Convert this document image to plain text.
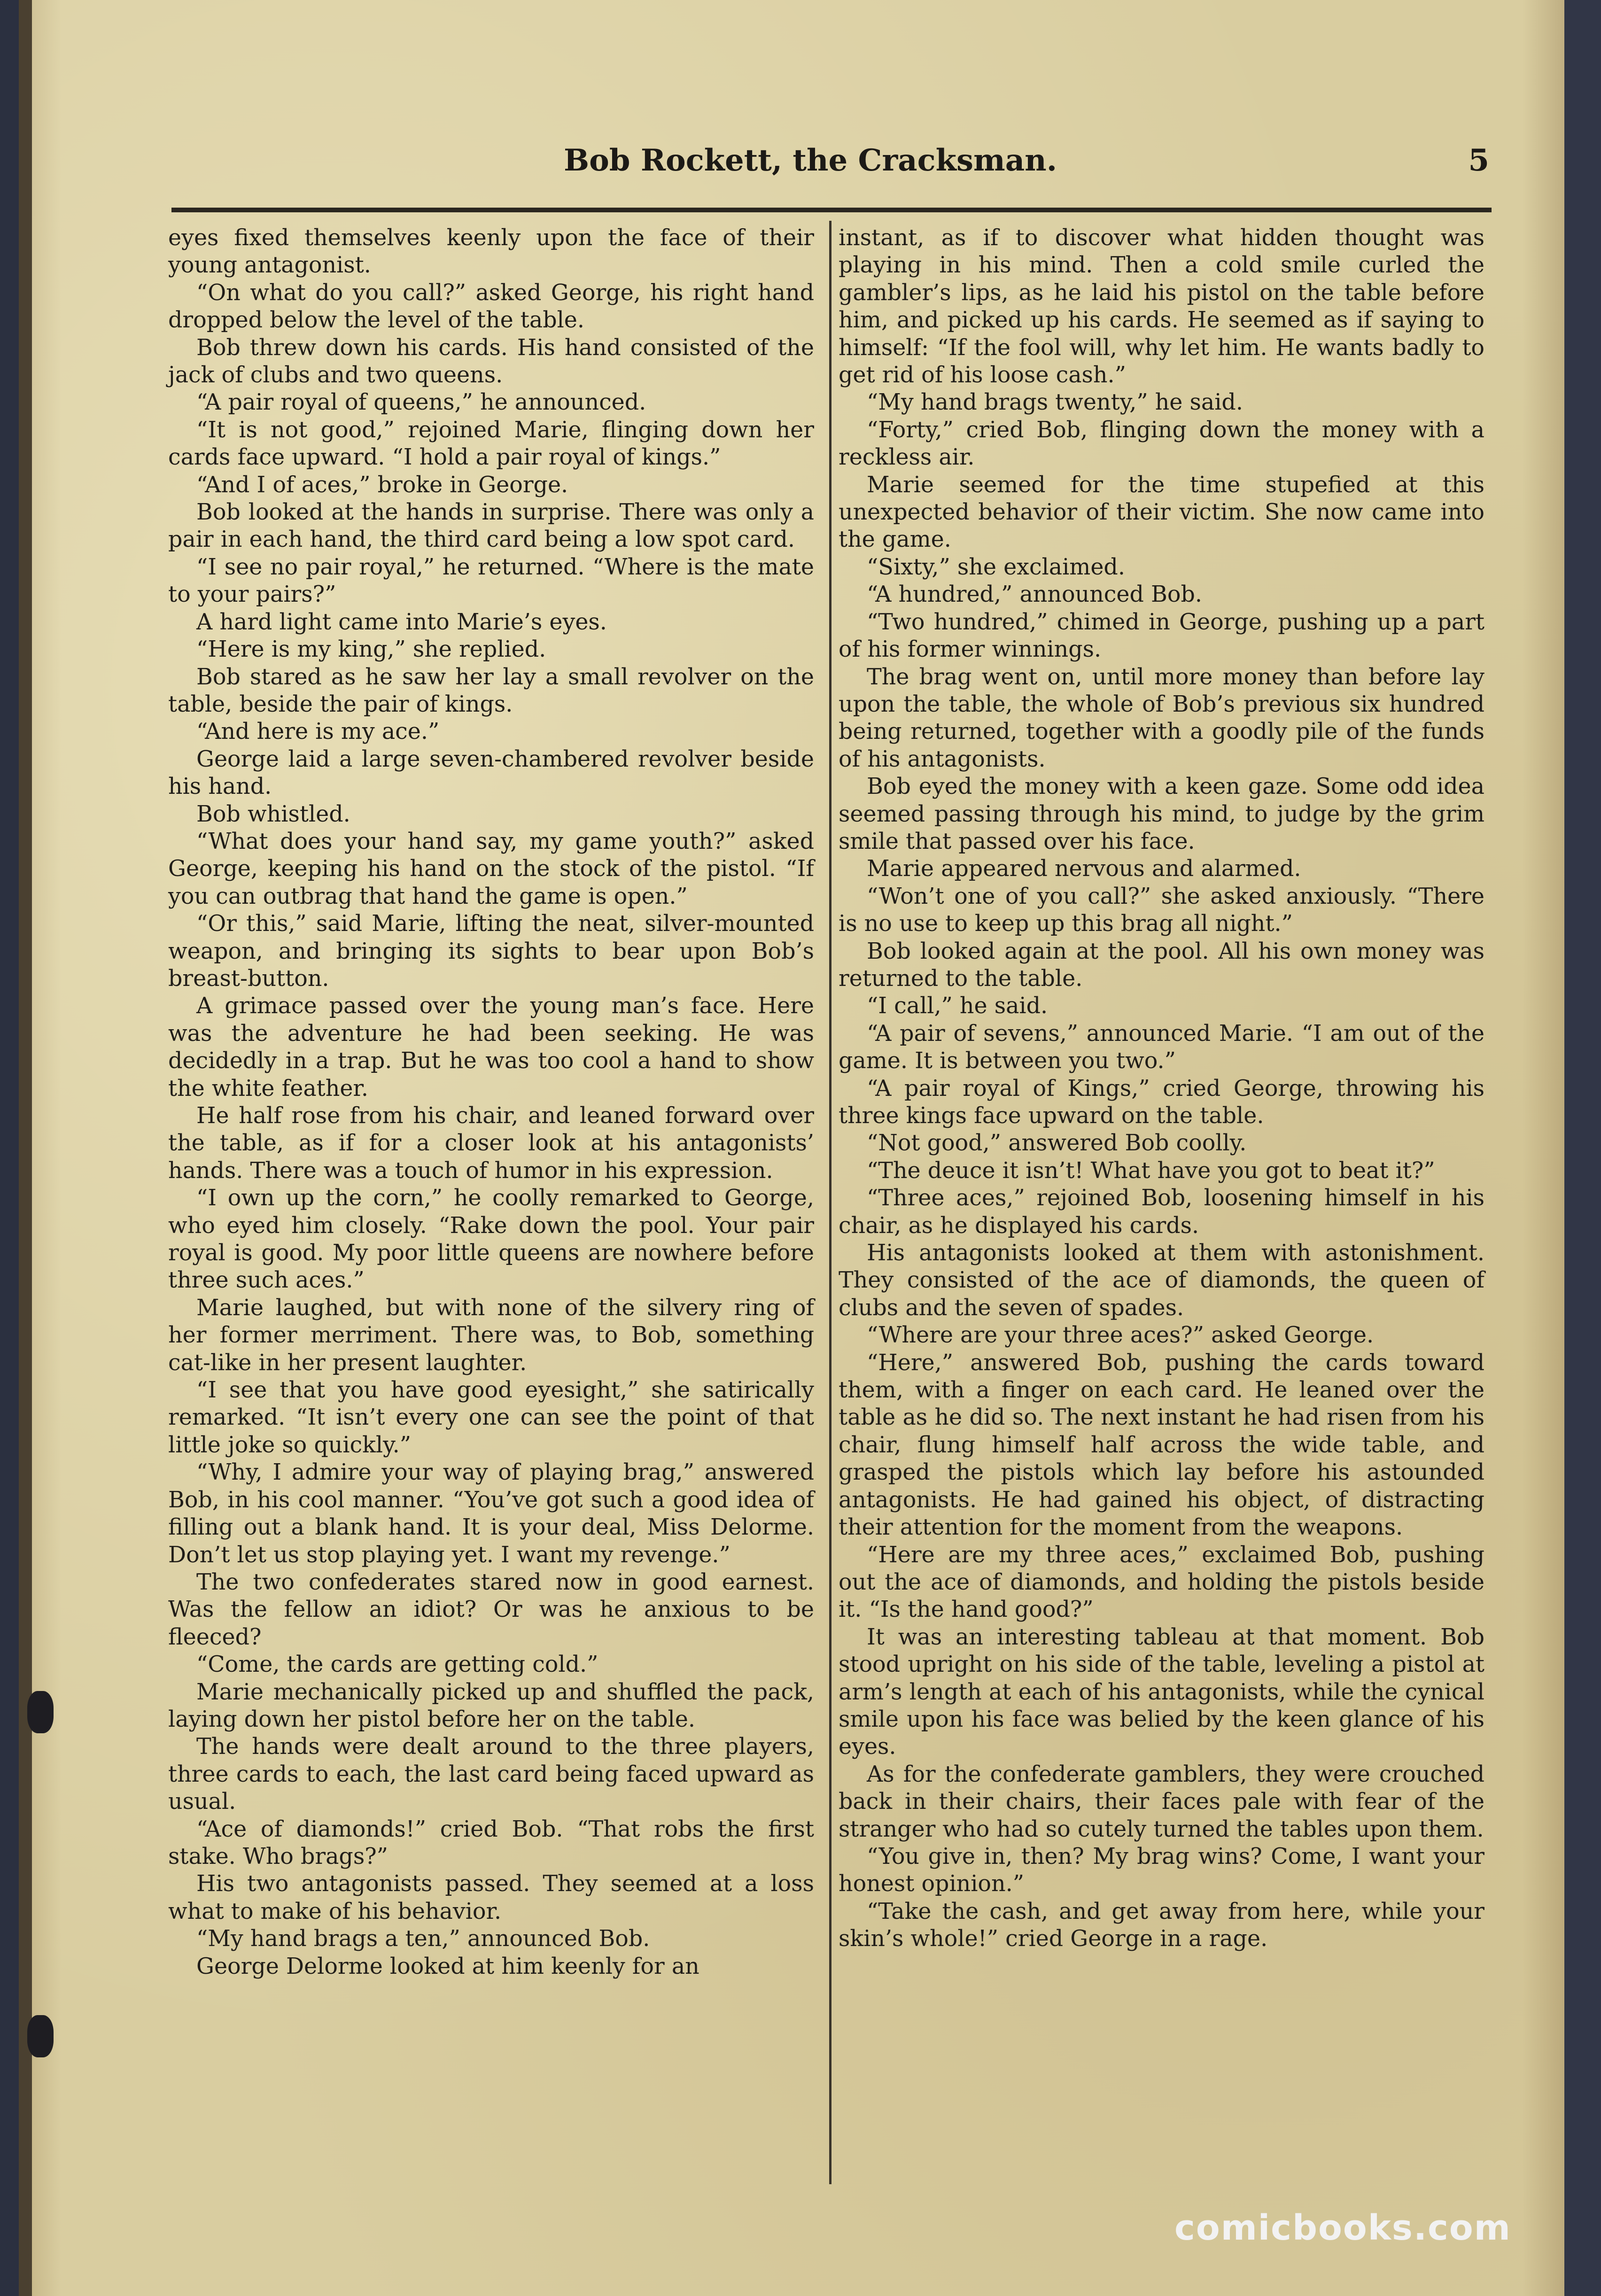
Bob Rockett, the Cracksman.	5

eyes fixed themselves keenly upon the face of their young antagonist.

“On what do you call?” asked George, his right hand dropped below the level of the table.

Bob threw down his cards. His hand consisted of the jack of clubs and two queens.

“A pair royal of queens,” he announced.

“It is not good,” rejoined Marie, flinging down her cards face upward. “I hold a pair royal of kings.”

“And I of aces,” broke in George.

Bob looked at the hands in surprise. There was only a pair in each hand, the third card being a low spot card.

“I see no pair royal,” he returned. “Where is the mate to your pairs?”

A hard light came into Marie’s eyes.

“Here is my king,” she replied.

Bob stared as he saw her lay a small revolver on the table, beside the pair of kings.

“And here is my ace.”

George laid a large seven-chambered revolver beside his hand.

Bob whistled.

“What does your hand say, my game youth?” asked George, keeping his hand on the stock of the pistol. “If you can outbrag that hand the game is open.”

“Or this,” said Marie, lifting the neat, silver-mounted weapon, and bringing its sights to bear upon Bob’s breast-button.

A grimace passed over the young man’s face. Here was the adventure he had been seeking. He was decidedly in a trap. But he was too cool a hand to show the white feather.

He half rose from his chair, and leaned forward over the table, as if for a closer look at his antagonists’ hands. There was a touch of humor in his expression.

“I own up the corn,” he coolly remarked to George, who eyed him closely. “Rake down the pool. Your pair royal is good. My poor little queens are nowhere before three such aces.”

Marie laughed, but with none of the silvery ring of her former merriment. There was, to Bob, something cat-like in her present laughter.

“I see that you have good eyesight,” she satirically remarked. “It isn’t every one can see the point of that little joke so quickly.”

“Why, I admire your way of playing brag,” answered Bob, in his cool manner. “You’ve got such a good idea of filling out a blank hand. It is your deal, Miss Delorme. Don’t let us stop playing yet. I want my revenge.”

The two confederates stared now in good earnest. Was the fellow an idiot? Or was he anxious to be fleeced?

“Come, the cards are getting cold.”

Marie mechanically picked up and shuffled the pack, laying down her pistol before her on the table.

The hands were dealt around to the three players, three cards to each, the last card being faced upward as usual.

“Ace of diamonds!” cried Bob. “That robs the first stake. Who brags?”

His two antagonists passed. They seemed at a loss what to make of his behavior.

“My hand brags a ten,” announced Bob.

George Delorme looked at him keenly for an

instant, as if to discover what hidden thought was playing in his mind. Then a cold smile curled the gambler’s lips, as he laid his pistol on the table before him, and picked up his cards. He seemed as if saying to himself: “If the fool will, why let him. He wants badly to get rid of his loose cash.”

“My hand brags twenty,” he said.

“Forty,” cried Bob, flinging down the money with a reckless air.

Marie seemed for the time stupefied at this unexpected behavior of their victim. She now came into the game.

“Sixty,” she exclaimed.

“A hundred,” announced Bob.

“Two hundred,” chimed in George, pushing up a part of his former winnings.

The brag went on, until more money than before lay upon the table, the whole of Bob’s previous six hundred being returned, together with a goodly pile of the funds of his antagonists.

Bob eyed the money with a keen gaze. Some odd idea seemed passing through his mind, to judge by the grim smile that passed over his face.

Marie appeared nervous and alarmed.

“Won’t one of you call?” she asked anxiously. “There is no use to keep up this brag all night.”

Bob looked again at the pool. All his own money was returned to the table.

“I call,” he said.

“A pair of sevens,” announced Marie. “I am out of the game. It is between you two.”

“A pair royal of Kings,” cried George, throwing his three kings face upward on the table.

“Not good,” answered Bob coolly.

“The deuce it isn’t! What have you got to beat it?”

“Three aces,” rejoined Bob, loosening himself in his chair, as he displayed his cards.

His antagonists looked at them with astonishment. They consisted of the ace of diamonds, the queen of clubs and the seven of spades.

“Where are your three aces?” asked George.

“Here,” answered Bob, pushing the cards toward them, with a finger on each card. He leaned over the table as he did so. The next instant he had risen from his chair, flung himself half across the wide table, and grasped the pistols which lay before his astounded antagonists. He had gained his object, of distracting their attention for the moment from the weapons.

“Here are my three aces,” exclaimed Bob, pushing out the ace of diamonds, and holding the pistols beside it. “Is the hand good?”

It was an interesting tableau at that moment. Bob stood upright on his side of the table, leveling a pistol at arm’s length at each of his antagonists, while the cynical smile upon his face was belied by the keen glance of his eyes.

As for the confederate gamblers, they were crouched back in their chairs, their faces pale with fear of the stranger who had so cutely turned the tables upon them.

“You give in, then? My brag wins? Come, I want your honest opinion.”

“Take the cash, and get away from here, while your skin’s whole!” cried George in a rage.

comicbooks.com
